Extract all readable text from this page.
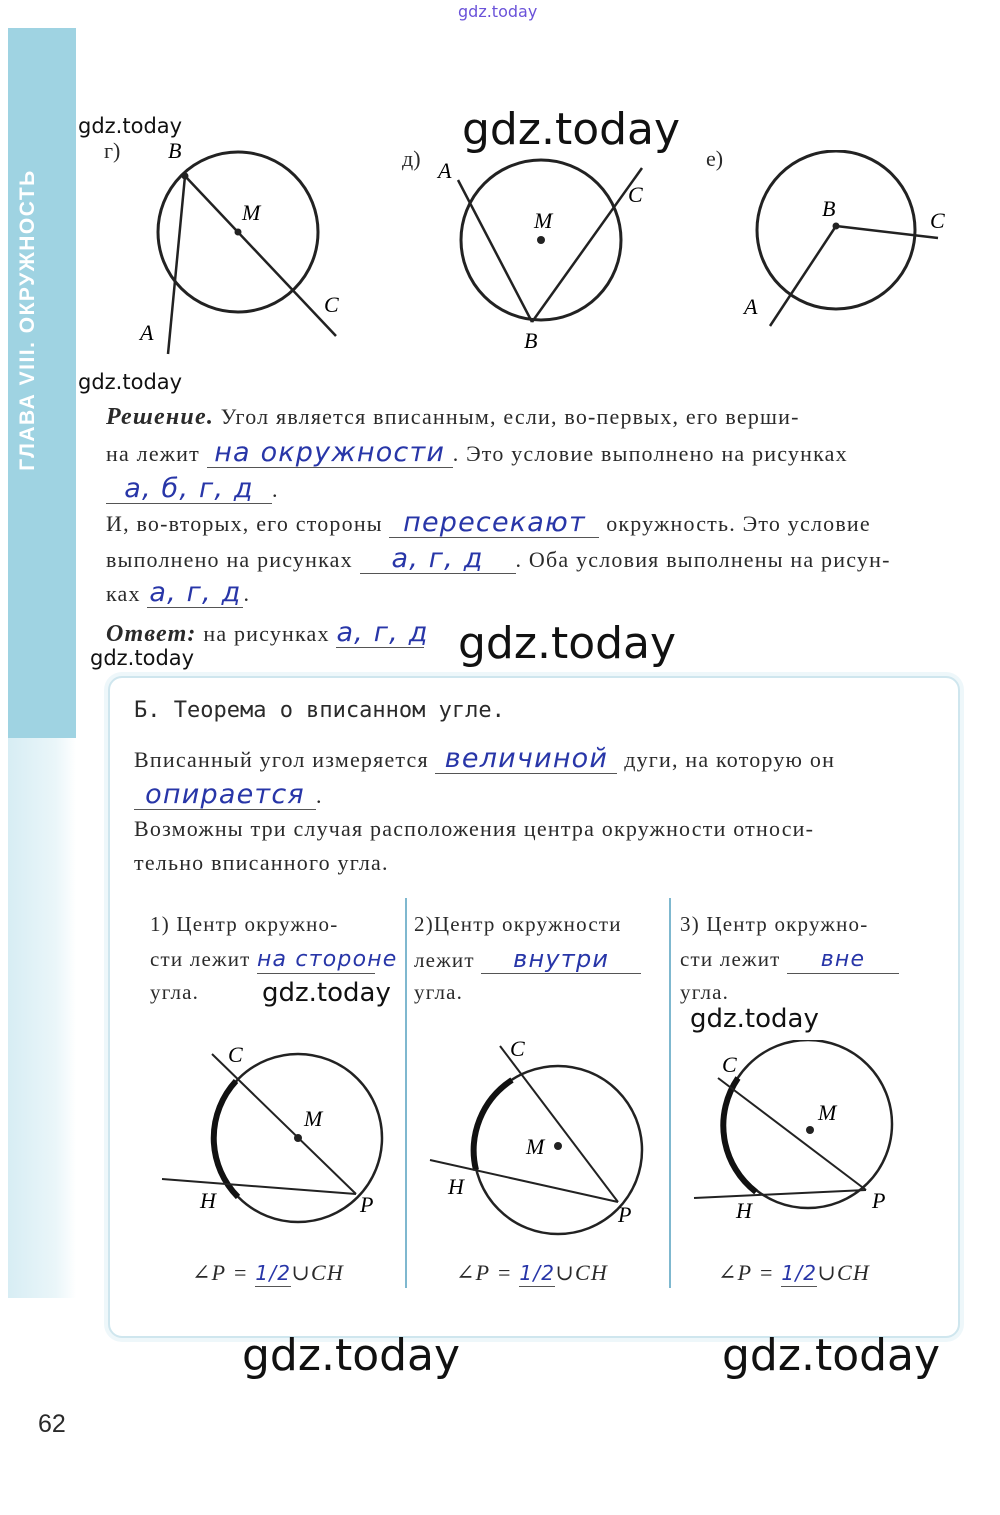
ГЛАВА VIII. ОКРУЖНОСТЬ
gdz.today
gdz.today	gdz.today
gdz.today
gdz.today	gdz.today
г) B
M
C
A
д) A
C
M
B
е)
B	C
A
Решение. Угол является вписанным, если, во-первых, его верши-
на лежит на окружности . Это условие выполнено на рисунках
а, б, г, д .
И, во-вторых, его стороны пересекают окружность. Это условие
выполнено на рисунках а, г, д . Оба условия выполнены на рисун-
ках а, г, д.
Ответ: на рисунках а, г, д
Б. Теорема о вписанном угле.
Вписанный угол измеряется величиной дуги, на которую он
опирается .
Возможны три случая расположения центра окружности относи-
тельно вписанного угла.
1) Центр окружно-
сти лежит на стороне
угла. gdz.today
C
M
H	P
∠P = 1/2∪CH
2)Центр окружности
лежит внутри
угла.
C
M
H
P
∠P = 1/2∪CH
3) Центр окружно-
сти лежит вне
угла.
gdz.today
C
M
H	P
∠P = 1/2∪CH
gdz.today	gdz.today
62
